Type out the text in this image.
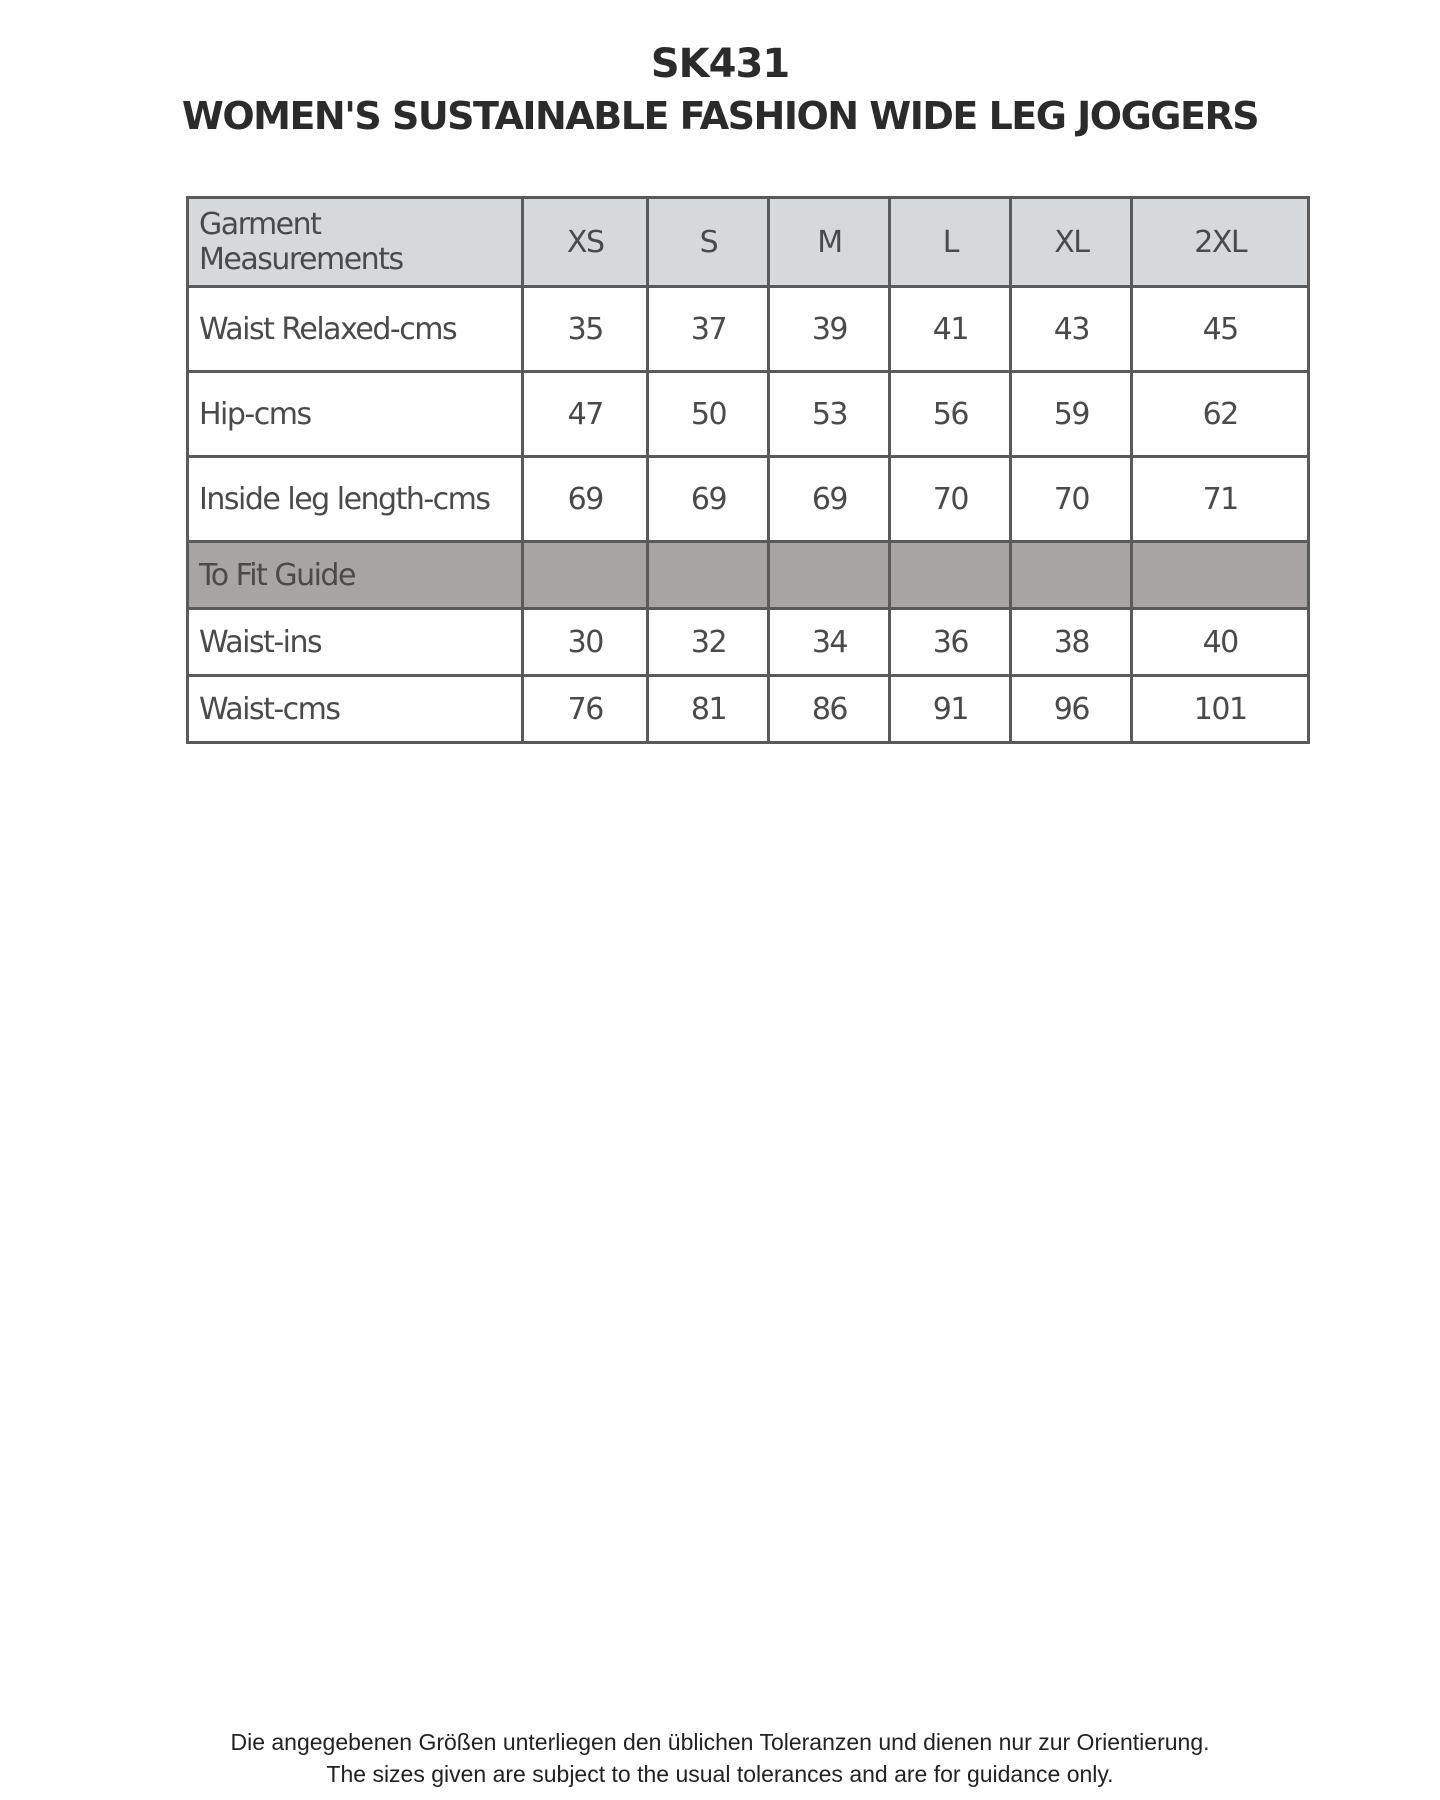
SK431
WOMEN'S SUSTAINABLE FASHION WIDE LEG JOGGERS
Garment Measurements	XS	S	M	L	XL	2XL
Waist Relaxed-cms	35	37	39	41	43	45
Hip-cms	47	50	53	56	59	62
Inside leg length-cms	69	69	69	70	70	71
To Fit Guide						
Waist-ins	30	32	34	36	38	40
Waist-cms	76	81	86	91	96	101
Die angegebenen Größen unterliegen den üblichen Toleranzen und dienen nur zur Orientierung.
The sizes given are subject to the usual tolerances and are for guidance only.
